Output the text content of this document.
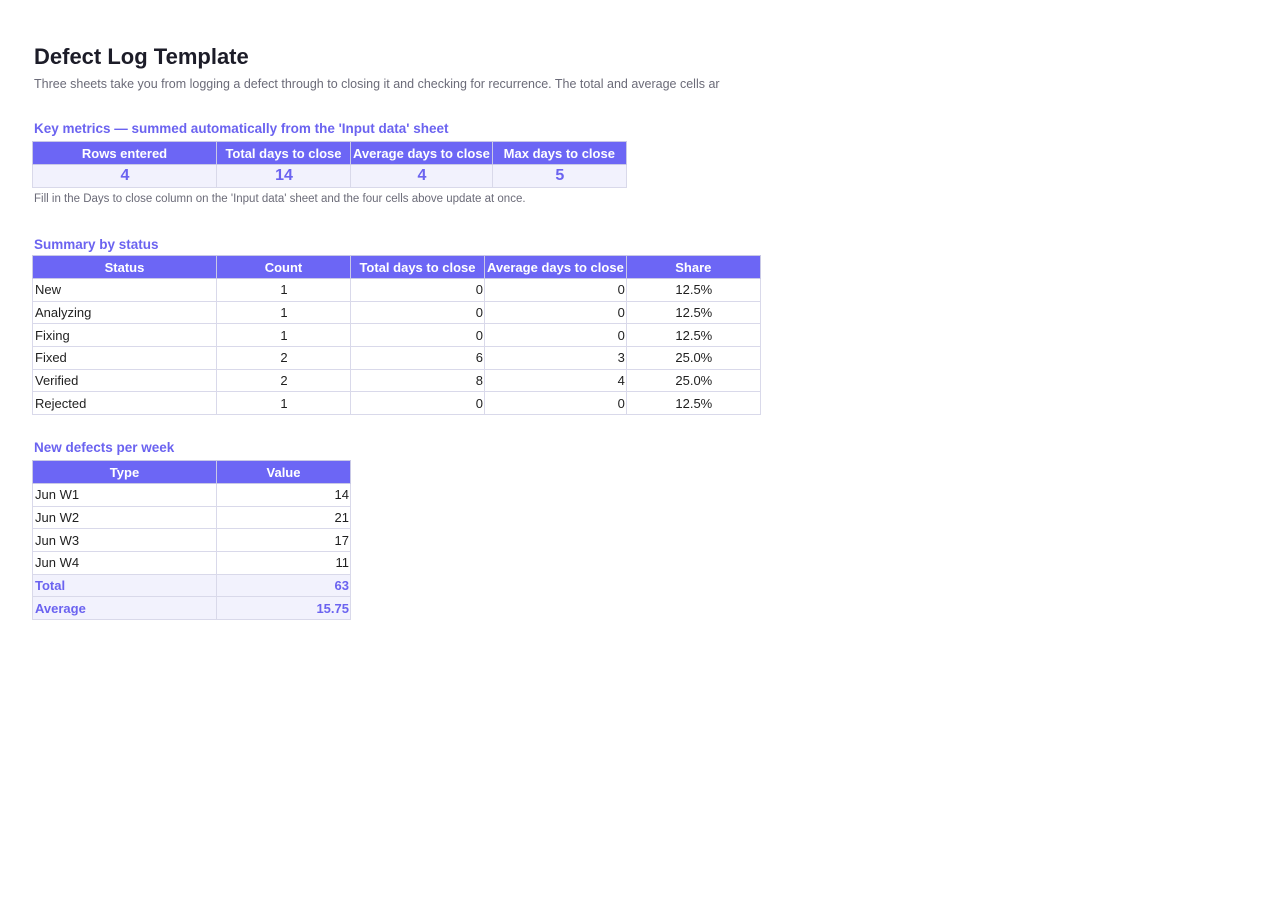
Defect Log Template
Three sheets take you from logging a defect through to closing it and checking for recurrence. The total and average cells ar
Key metrics — summed automatically from the 'Input data' sheet
Rows entered	Total days to close	Average days to close	Max days to close
4	14	4	5
Fill in the Days to close column on the 'Input data' sheet and the four cells above update at once.
Summary by status
Status	Count	Total days to close	Average days to close	Share
New	1	0	0	12.5%
Analyzing	1	0	0	12.5%
Fixing	1	0	0	12.5%
Fixed	2	6	3	25.0%
Verified	2	8	4	25.0%
Rejected	1	0	0	12.5%
New defects per week
Type	Value
Jun W1	14
Jun W2	21
Jun W3	17
Jun W4	11
Total	63
Average	15.75
